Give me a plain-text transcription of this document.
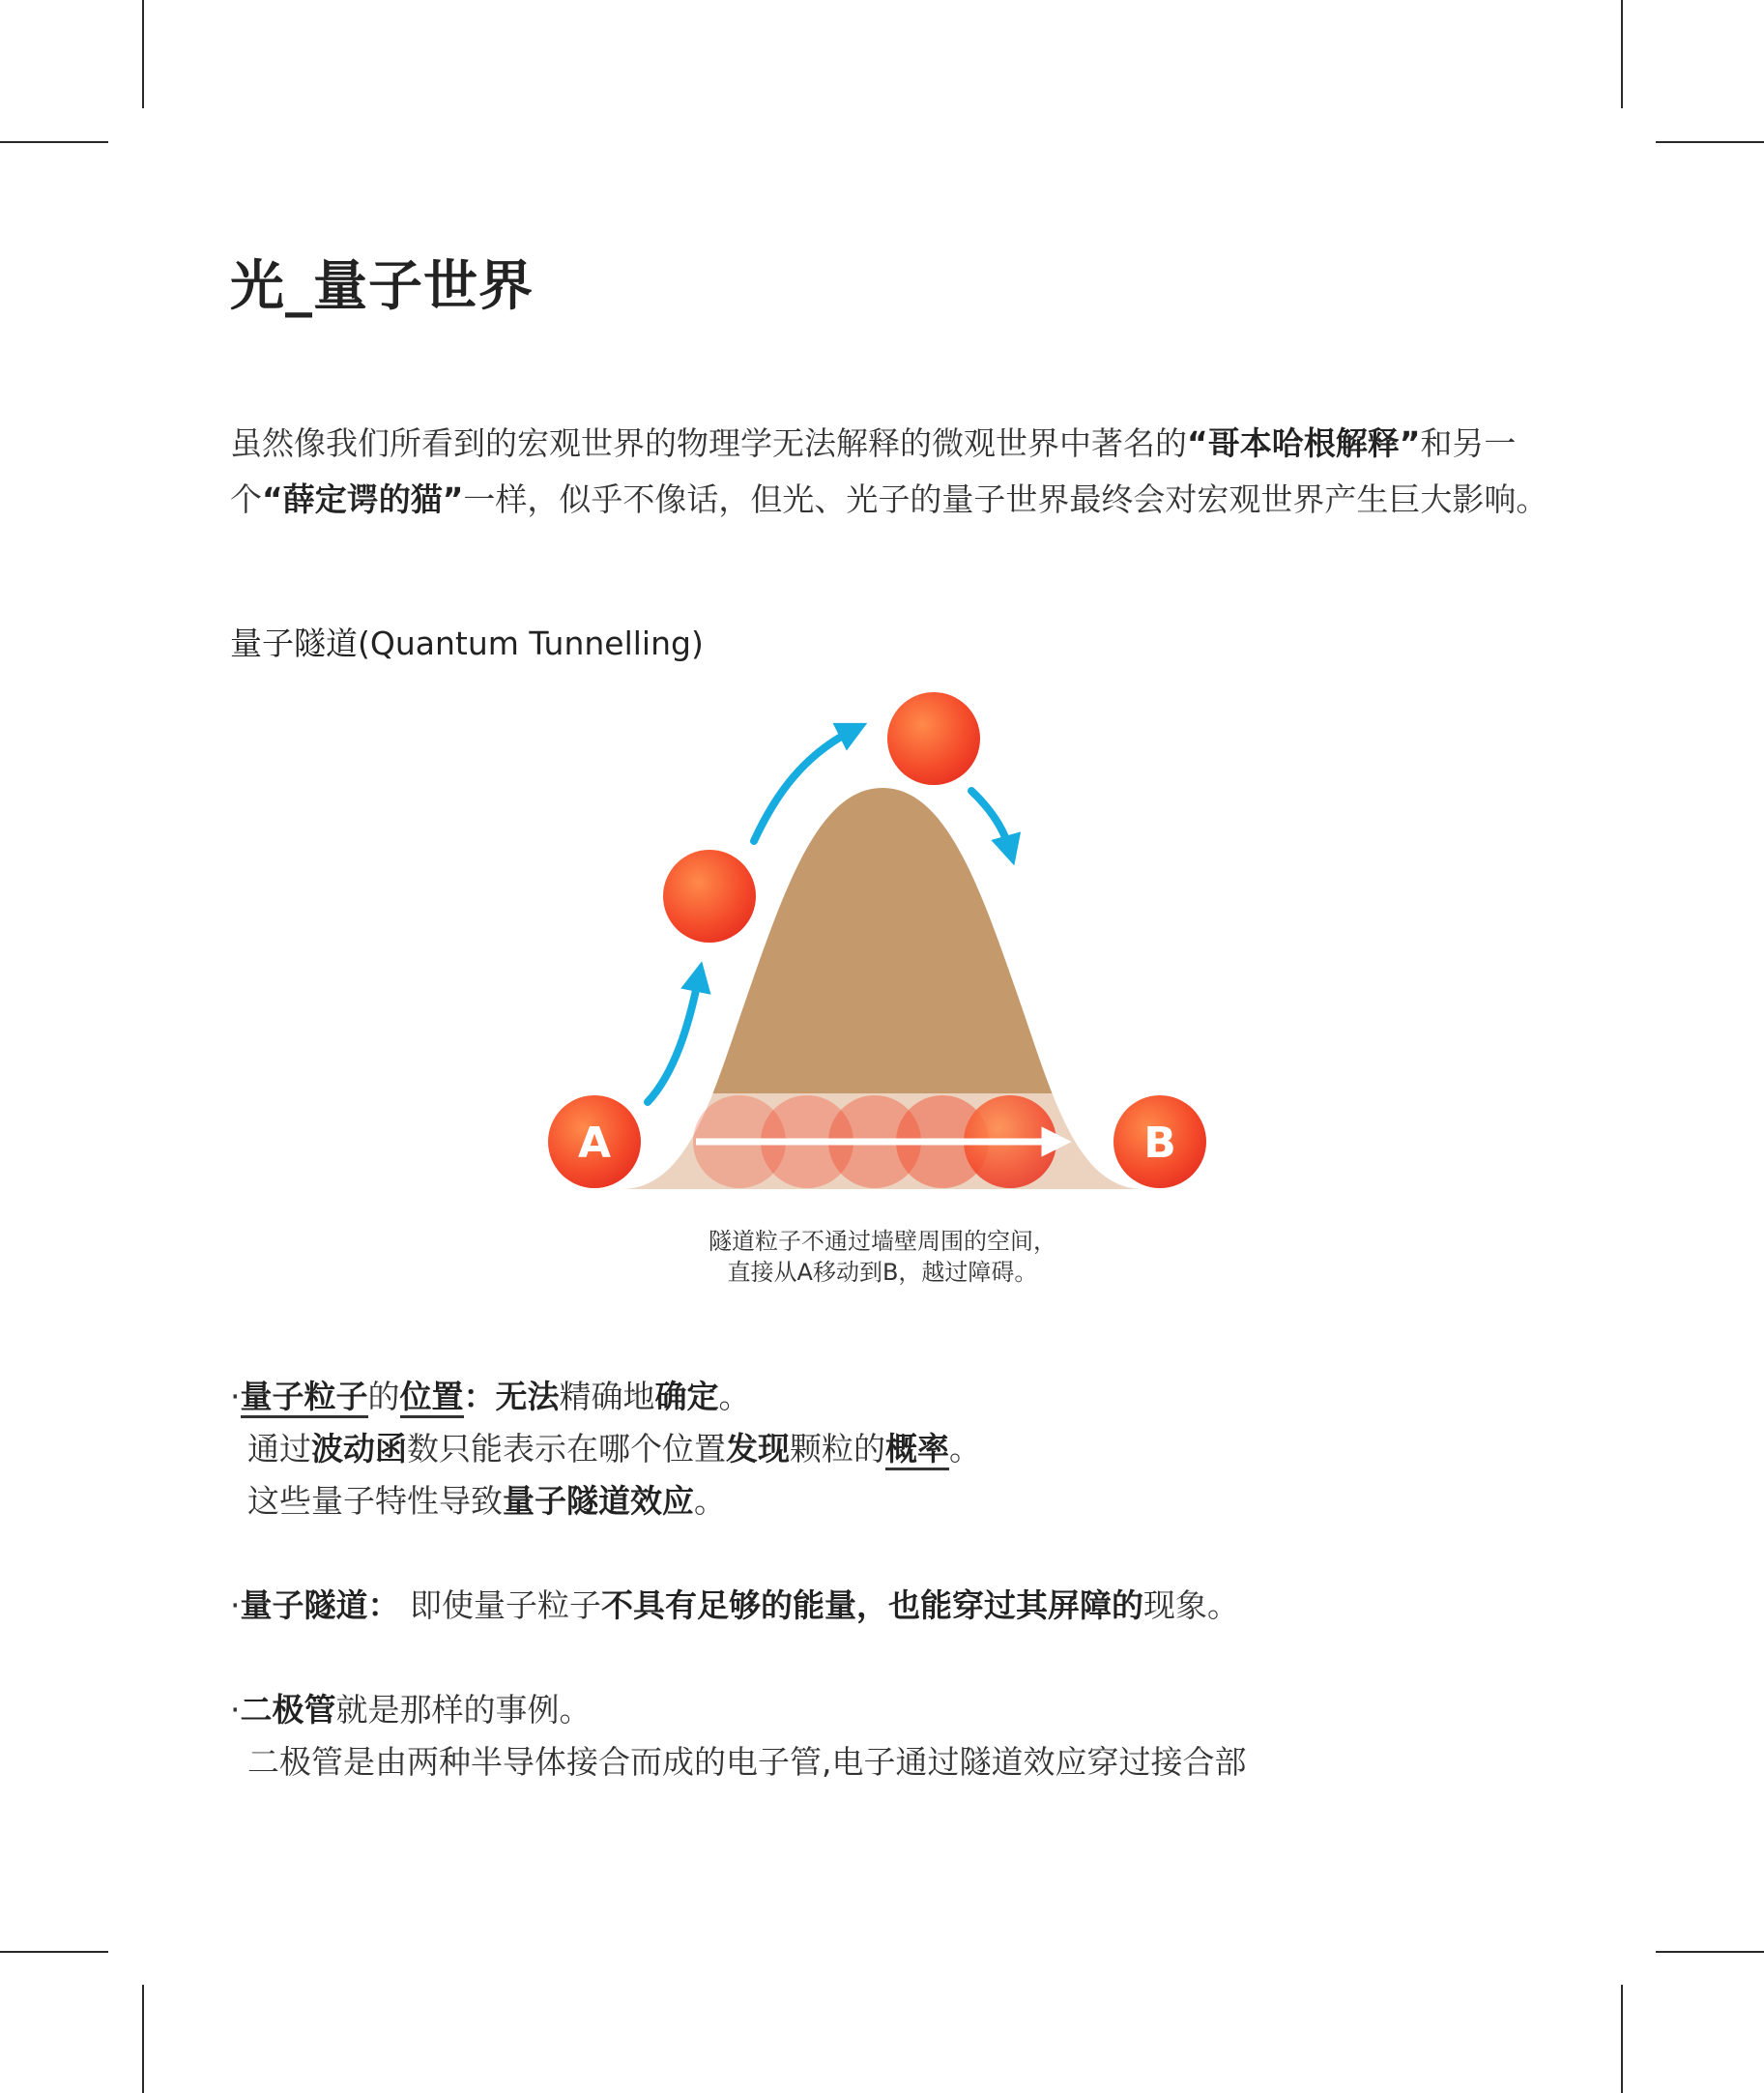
光_量子世界

虽然像我们所看到的宏观世界的物理学无法解释的微观世界中著名的“哥本哈根解释”和另一个“薛定谔的猫”一样，似乎不像话，但光、光子的量子世界最终会对宏观世界产生巨大影响。

量子隧道(Quantum Tunnelling)
A	B
隧道粒子不通过墙壁周围的空间，
直接从A移动到B，越过障碍。
·量子粒子的位置：无法精确地确定。
通过波动函数只能表示在哪个位置发现颗粒的概率。
这些量子特性导致量子隧道效应。
·量子隧道： 即使量子粒子不具有足够的能量，也能穿过其屏障的现象。
·二极管就是那样的事例。
二极管是由两种半导体接合而成的电子管,电子通过隧道效应穿过接合部
